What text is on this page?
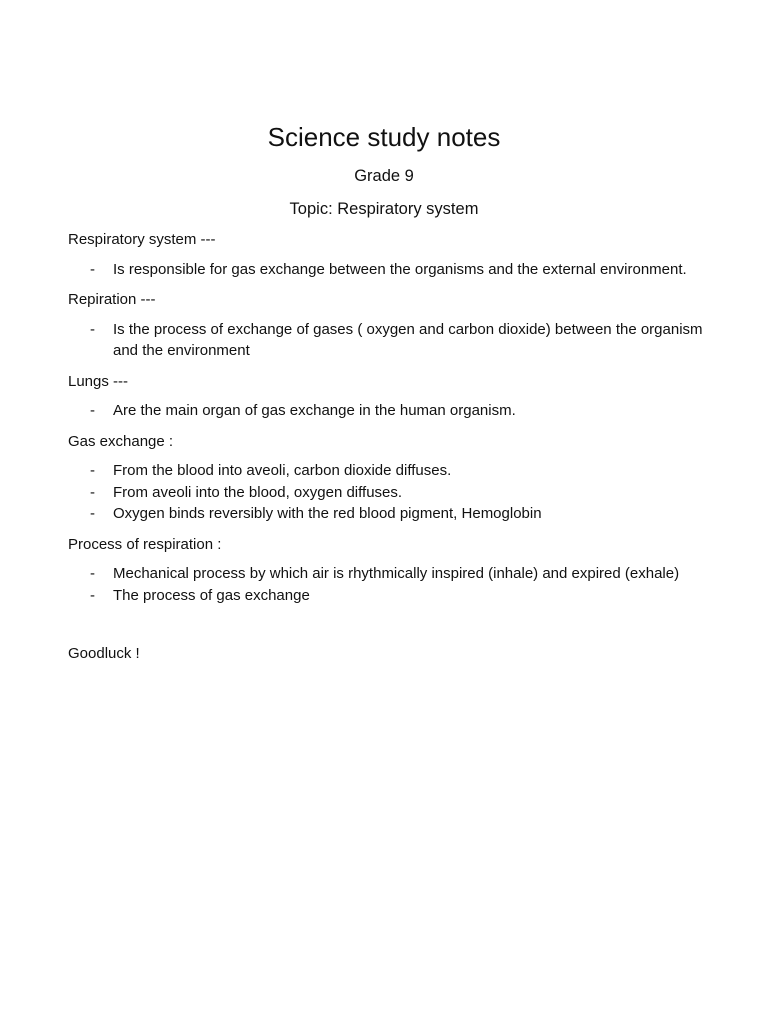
Science study notes
Grade 9
Topic: Respiratory system

Respiratory system ---

- Is responsible for gas exchange between the organisms and the external environment.

Repiration ---

- Is the process of exchange of gases ( oxygen and carbon dioxide) between the organism and the environment

Lungs ---

- Are the main organ of gas exchange in the human organism.

Gas exchange :

- From the blood into aveoli, carbon dioxide diffuses.
- From aveoli into the blood, oxygen diffuses.
- Oxygen binds reversibly with the red blood pigment, Hemoglobin

Process of respiration :

- Mechanical process by which air is rhythmically inspired (inhale) and expired (exhale)
- The process of gas exchange

Goodluck !
